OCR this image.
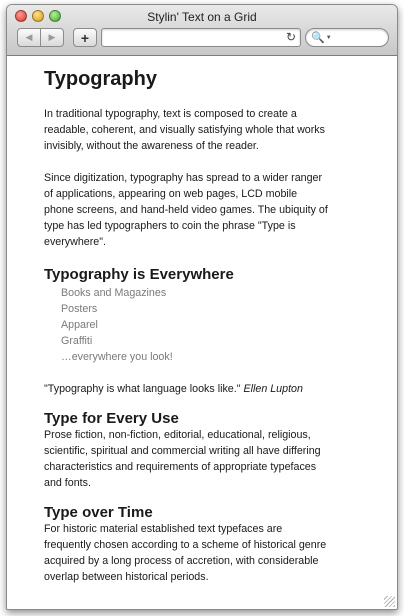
Stylin' Text on a Grid
◀ ▶ +	↻ 🔍 ▼
Typography

In traditional typography, text is composed to create a readable, coherent, and visually satisfying whole that works invisibly, without the awareness of the reader.

Since digitization, typography has spread to a wider ranger of applications, appearing on web pages, LCD mobile phone screens, and hand-held video games. The ubiquity of type has led typographers to coin the phrase "Type is everywhere".

Typography is Everywhere
Books and Magazines
Posters
Apparel
Graffiti
…everywhere you look!

"Typography is what language looks like." Ellen Lupton

Type for Every Use

Prose fiction, non-fiction, editorial, educational, religious, scientific, spiritual and commercial writing all have differing characteristics and requirements of appropriate typefaces and fonts.

Type over Time

For historic material established text typefaces are frequently chosen according to a scheme of historical genre acquired by a long process of accretion, with considerable overlap between historical periods.
